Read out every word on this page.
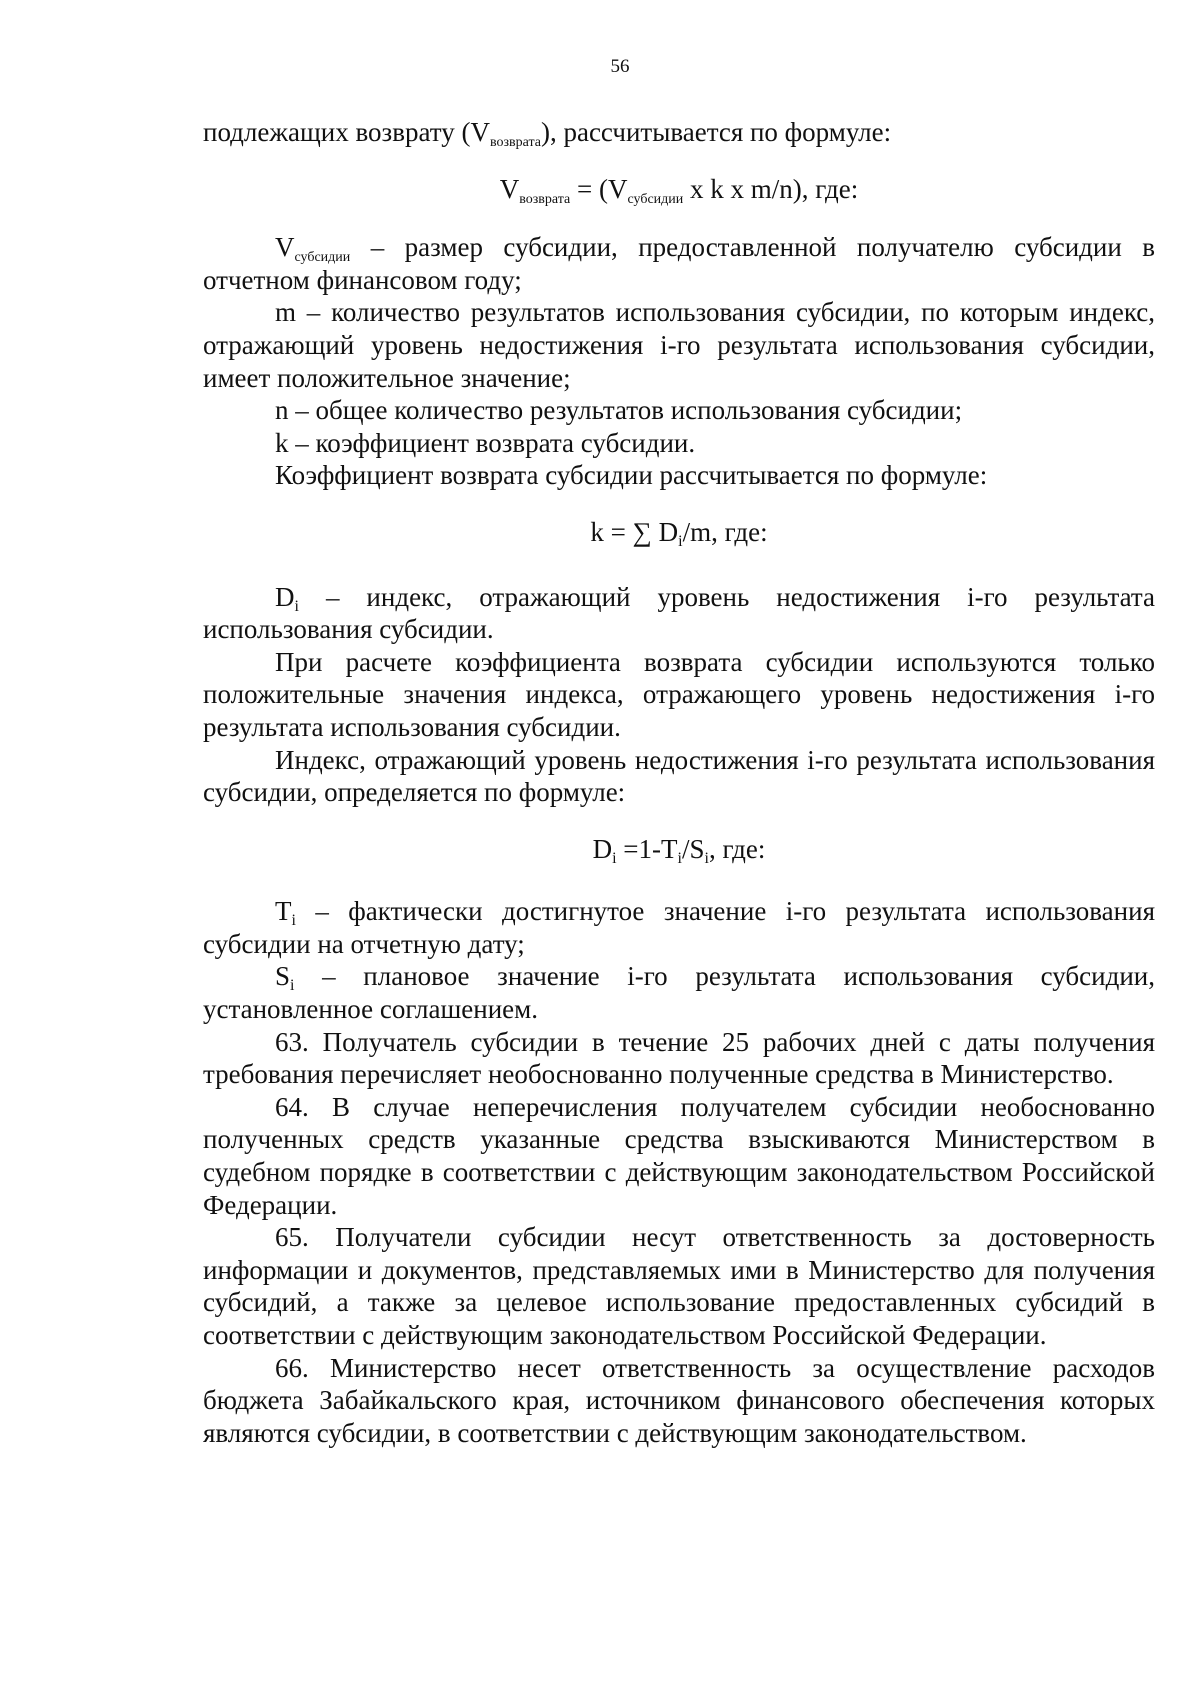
56

подлежащих возврату $(V_{возврата})$, рассчитывается по формуле:

$V_{возврата} = (V_{субсидии}$ x k x m/n), где:

$V_{субсидии}$ – размер субсидии, предоставленной получателю субсидии в отчетном финансовом году;

m – количество результатов использования субсидии, по которым индекс, отражающий уровень недостижения i-го результата использования субсидии, имеет положительное значение;

n – общее количество результатов использования субсидии;

k – коэффициент возврата субсидии.

Коэффициент возврата субсидии рассчитывается по формуле:

k = ∑ Di/m, где:

Di – индекс, отражающий уровень недостижения i-го результата использования субсидии.

При расчете коэффициента возврата субсидии используются только положительные значения индекса, отражающего уровень недостижения i-го результата использования субсидии.

Индекс, отражающий уровень недостижения i-го результата использования субсидии, определяется по формуле:

Di =1-Ti/Si, где:

Ti – фактически достигнутое значение i-го результата использования субсидии на отчетную дату;

Si – плановое значение i-го результата использования субсидии, установленное соглашением.

63. Получатель субсидии в течение 25 рабочих дней с даты получения требования перечисляет необоснованно полученные средства в Министерство.

64. В случае неперечисления получателем субсидии необоснованно полученных средств указанные средства взыскиваются Министерством в судебном порядке в соответствии с действующим законодательством Российской Федерации.

65. Получатели субсидии несут ответственность за достоверность информации и документов, представляемых ими в Министерство для получения субсидий, а также за целевое использование предоставленных субсидий в соответствии с действующим законодательством Российской Федерации.

66. Министерство несет ответственность за осуществление расходов бюджета Забайкальского края, источником финансового обеспечения которых являются субсидии, в соответствии с действующим законодательством.
